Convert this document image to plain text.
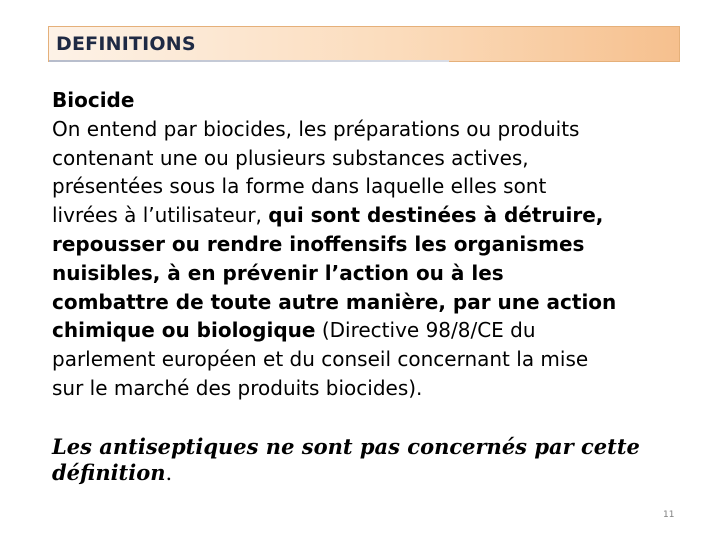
DEFINITIONS
Biocide
On entend par biocides, les préparations ou produits
contenant une ou plusieurs substances actives,
présentées sous la forme dans laquelle elles sont
livrées à l’utilisateur, qui sont destinées à détruire,
repousser ou rendre inoffensifs les organismes
nuisibles, à en prévenir l’action ou à les
combattre de toute autre manière, par une action
chimique ou biologique (Directive 98/8/CE du
parlement européen et du conseil concernant la mise
sur le marché des produits biocides).
Les antiseptiques ne sont pas concernés par cette
définition.
11
